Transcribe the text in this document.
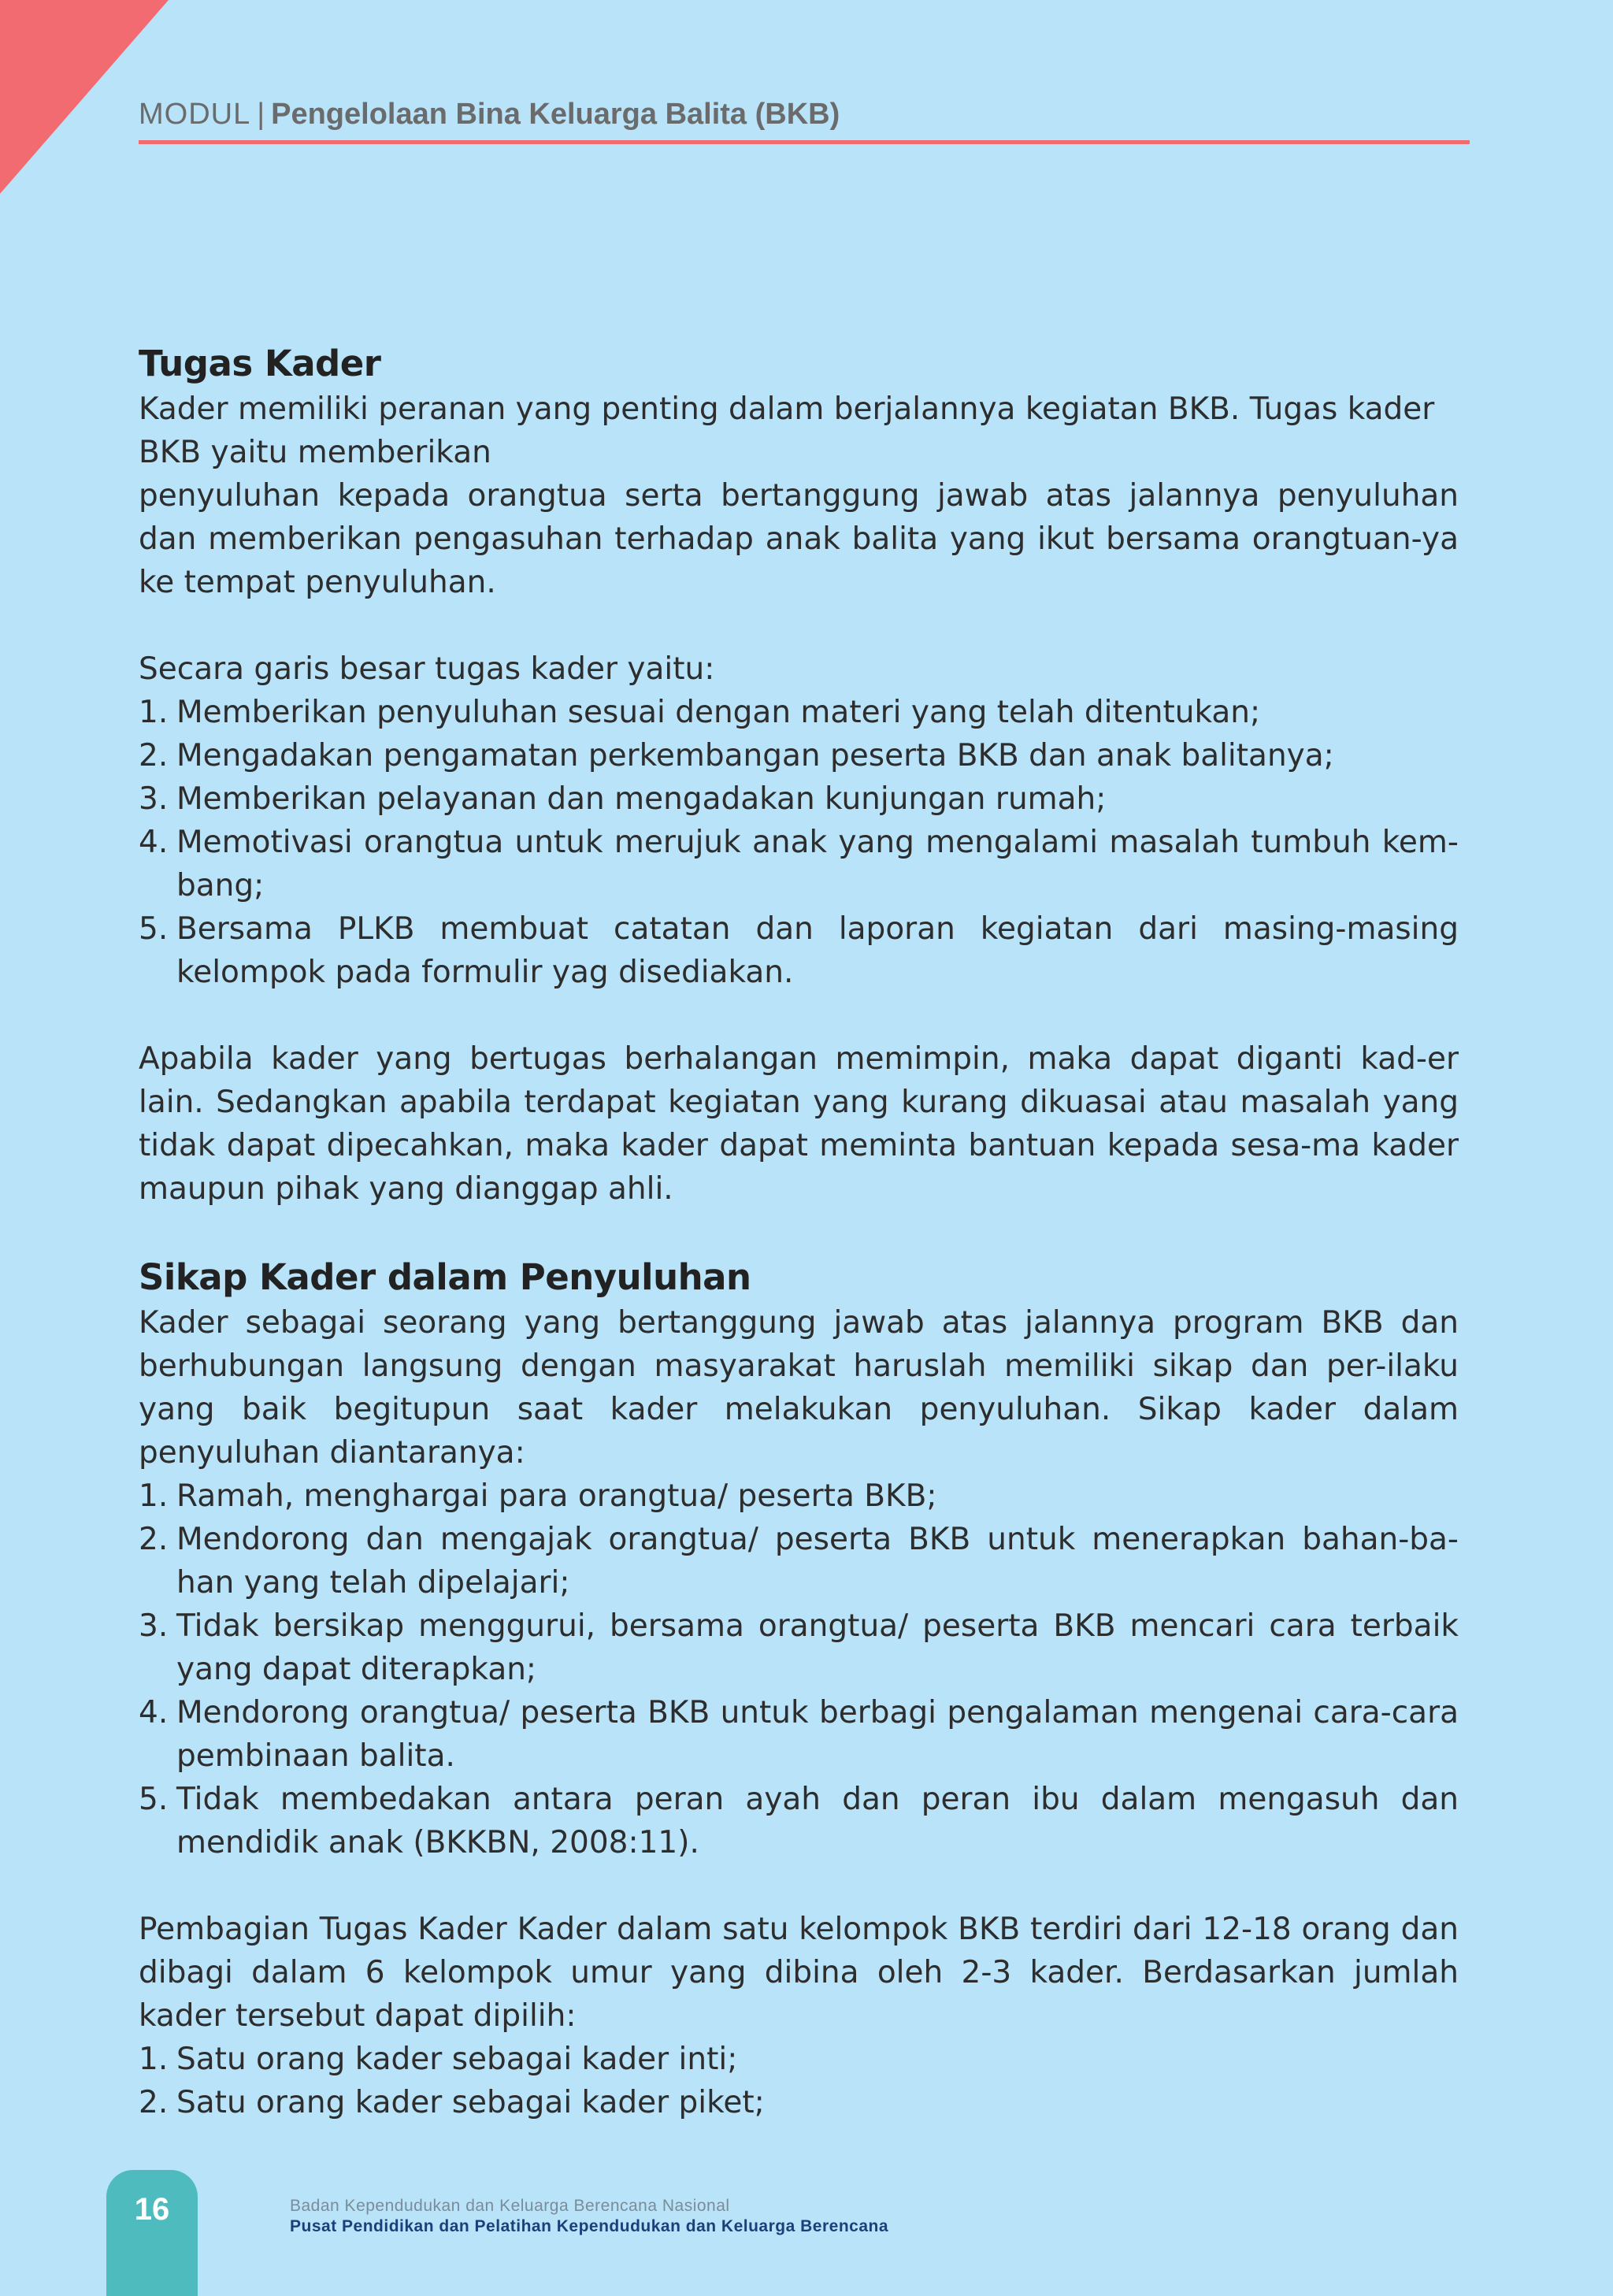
MODUL | Pengelolaan Bina Keluarga Balita (BKB)
Tugas Kader

Kader memiliki peranan yang penting dalam berjalannya kegiatan BKB. Tugas kader BKB yaitu memberikan

penyuluhan kepada orangtua serta bertanggung jawab atas jalannya penyuluhan dan memberikan pengasuhan terhadap anak balita yang ikut bersama orangtuan-ya ke tempat penyuluhan.

Secara garis besar tugas kader yaitu:

1. Memberikan penyuluhan sesuai dengan materi yang telah ditentukan;
2. Mengadakan pengamatan perkembangan peserta BKB dan anak balitanya;
3. Memberikan pelayanan dan mengadakan kunjungan rumah;
4. Memotivasi orangtua untuk merujuk anak yang mengalami masalah tumbuh kem-bang;
5. Bersama PLKB membuat catatan dan laporan kegiatan dari masing-masing kelompok pada formulir yag disediakan.

Apabila kader yang bertugas berhalangan memimpin, maka dapat diganti kad-er lain. Sedangkan apabila terdapat kegiatan yang kurang dikuasai atau masalah yang tidak dapat dipecahkan, maka kader dapat meminta bantuan kepada sesa-ma kader maupun pihak yang dianggap ahli.

Sikap Kader dalam Penyuluhan

Kader sebagai seorang yang bertanggung jawab atas jalannya program BKB dan berhubungan langsung dengan masyarakat haruslah memiliki sikap dan per-ilaku yang baik begitupun saat kader melakukan penyuluhan. Sikap kader dalam penyuluhan diantaranya:

1. Ramah, menghargai para orangtua/ peserta BKB;
2. Mendorong dan mengajak orangtua/ peserta BKB untuk menerapkan bahan-ba-han yang telah dipelajari;
3. Tidak bersikap menggurui, bersama orangtua/ peserta BKB mencari cara terbaik yang dapat diterapkan;
4. Mendorong orangtua/ peserta BKB untuk berbagi pengalaman mengenai cara-cara pembinaan balita.
5. Tidak membedakan antara peran ayah dan peran ibu dalam mengasuh dan mendidik anak (BKKBN, 2008:11).

Pembagian Tugas Kader Kader dalam satu kelompok BKB terdiri dari 12-18 orang dan dibagi dalam 6 kelompok umur yang dibina oleh 2-3 kader. Berdasarkan jumlah kader tersebut dapat dipilih:

1. Satu orang kader sebagai kader inti;
2. Satu orang kader sebagai kader piket;
16	Badan Kependudukan dan Keluarga Berencana Nasional
Pusat Pendidikan dan Pelatihan Kependudukan dan Keluarga Berencana
